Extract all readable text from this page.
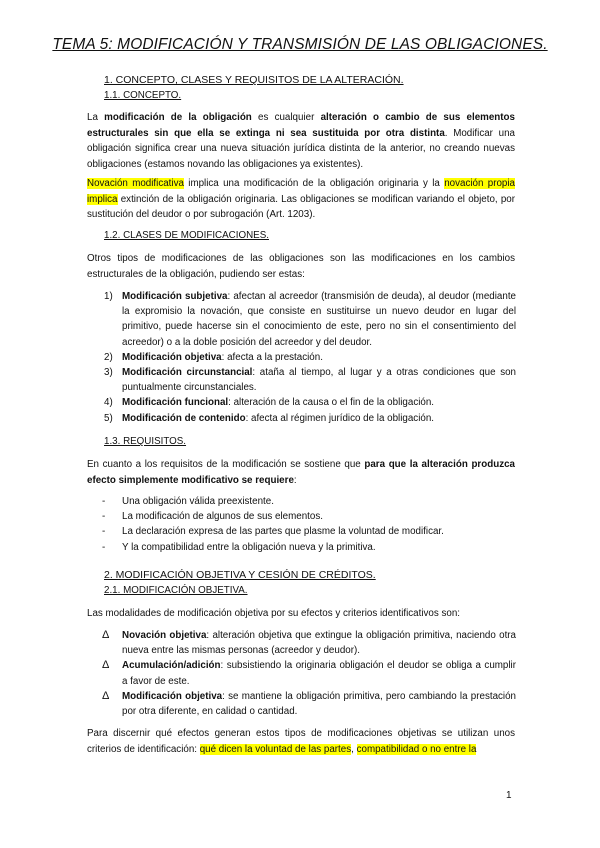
TEMA 5: MODIFICACIÓN Y TRANSMISIÓN DE LAS OBLIGACIONES.
1. CONCEPTO, CLASES Y REQUISITOS DE LA ALTERACIÓN.
1.1. CONCEPTO.
La modificación de la obligación es cualquier alteración o cambio de sus elementos estructurales sin que ella se extinga ni sea sustituida por otra distinta. Modificar una obligación significa crear una nueva situación jurídica distinta de la anterior, no creando nuevas obligaciones (estamos novando las obligaciones ya existentes).
Novación modificativa implica una modificación de la obligación originaria y la novación propia implica extinción de la obligación originaria. Las obligaciones se modifican variando el objeto, por sustitución del deudor o por subrogación (Art. 1203).
1.2. CLASES DE MODIFICACIONES.
Otros tipos de modificaciones de las obligaciones son las modificaciones en los cambios estructurales de la obligación, pudiendo ser estas:
1) Modificación subjetiva: afectan al acreedor (transmisión de deuda), al deudor (mediante la expromisio la novación, que consiste en sustituirse un nuevo deudor en lugar del primitivo, puede hacerse sin el conocimiento de este, pero no sin el consentimiento del acreedor) o a la doble posición del acreedor y del deudor.
2) Modificación objetiva: afecta a la prestación.
3) Modificación circunstancial: ataña al tiempo, al lugar y a otras condiciones que son puntualmente circunstanciales.
4) Modificación funcional: alteración de la causa o el fin de la obligación.
5) Modificación de contenido: afecta al régimen jurídico de la obligación.
1.3. REQUISITOS.
En cuanto a los requisitos de la modificación se sostiene que para que la alteración produzca efecto simplemente modificativo se requiere:
- Una obligación válida preexistente.
- La modificación de algunos de sus elementos.
- La declaración expresa de las partes que plasme la voluntad de modificar.
- Y la compatibilidad entre la obligación nueva y la primitiva.
2. MODIFICACIÓN OBJETIVA Y CESIÓN DE CRÉDITOS.
2.1. MODIFICACIÓN OBJETIVA.
Las modalidades de modificación objetiva por su efectos y criterios identificativos son:
Δ Novación objetiva: alteración objetiva que extingue la obligación primitiva, naciendo otra nueva entre las mismas personas (acreedor y deudor).
Δ Acumulación/adición: subsistiendo la originaria obligación el deudor se obliga a cumplir a favor de este.
Δ Modificación objetiva: se mantiene la obligación primitiva, pero cambiando la prestación por otra diferente, en calidad o cantidad.
Para discernir qué efectos generan estos tipos de modificaciones objetivas se utilizan unos criterios de identificación: qué dicen la voluntad de las partes, compatibilidad o no entre la
1
